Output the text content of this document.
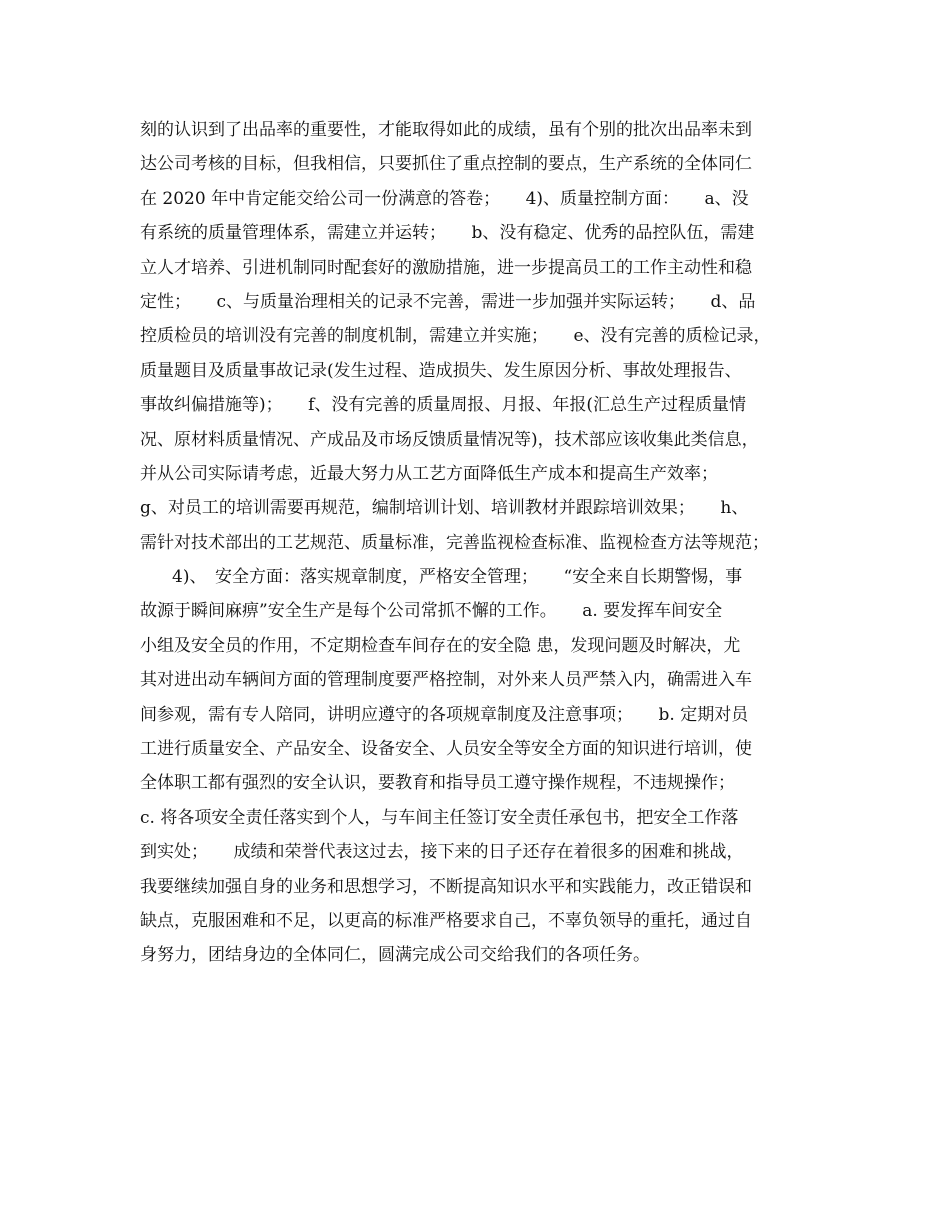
刻的认识到了出品率的重要性，才能取得如此的成绩，虽有个别的批次出品率未到
达公司考核的目标，但我相信，只要抓住了重点控制的要点，生产系统的全体同仁
在 2020 年中肯定能交给公司一份满意的答卷；　　4)、质量控制方面：　　a、没
有系统的质量管理体系，需建立并运转；　　b、没有稳定、优秀的品控队伍，需建
立人才培养、引进机制同时配套好的激励措施，进一步提高员工的工作主动性和稳
定性；　　c、与质量治理相关的记录不完善，需进一步加强并实际运转；　　d、品
控质检员的培训没有完善的制度机制，需建立并实施；　　e、没有完善的质检记录，
质量题目及质量事故记录(发生过程、造成损失、发生原因分析、事故处理报告、
事故纠偏措施等)；　　f、没有完善的质量周报、月报、年报(汇总生产过程质量情
况、原材料质量情况、产成品及市场反馈质量情况等)，技术部应该收集此类信息，
并从公司实际请考虑，近最大努力从工艺方面降低生产成本和提高生产效率；
g、对员工的培训需要再规范，编制培训计划、培训教材并跟踪培训效果；　　h、
需针对技术部出的工艺规范、质量标准，完善监视检查标准、监视检查方法等规范；
4)、　安全方面：落实规章制度，严格安全管理；　　“安全来自长期警惕，事
故源于瞬间麻痹”安全生产是每个公司常抓不懈的工作。　　a. 要发挥车间安全
小组及安全员的作用，不定期检查车间存在的安全隐 患，发现问题及时解决，尤
其对进出动车辆间方面的管理制度要严格控制，对外来人员严禁入内，确需进入车
间参观，需有专人陪同，讲明应遵守的各项规章制度及注意事项；　　b. 定期对员
工进行质量安全、产品安全、设备安全、人员安全等安全方面的知识进行培训，使
全体职工都有强烈的安全认识，要教育和指导员工遵守操作规程，不违规操作；
c. 将各项安全责任落实到个人，与车间主任签订安全责任承包书，把安全工作落
到实处；　　成绩和荣誉代表这过去，接下来的日子还存在着很多的困难和挑战，
我要继续加强自身的业务和思想学习，不断提高知识水平和实践能力，改正错误和
缺点，克服困难和不足，以更高的标准严格要求自己，不辜负领导的重托，通过自
身努力，团结身边的全体同仁，圆满完成公司交给我们的各项任务。
